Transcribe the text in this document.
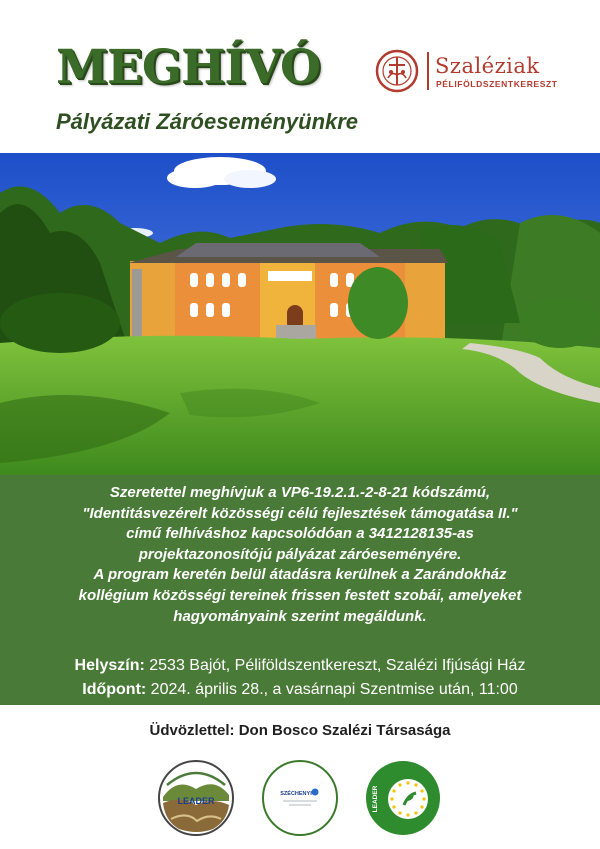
MEGHÍVÓ
Pályázati Záróeseményünkre
Szaléziak
PÉLIFÖLDSZENTKERESZT
Szeretettel meghívjuk a VP6-19.2.1.-2-8-21 kódszámú,
"Identitásvezérelt közösségi célú fejlesztések támogatása II."
című felhíváshoz kapcsolódóan a 3412128135-as
projektazonosítójú pályázat záróeseményére.
A program keretén belül átadásra kerülnek a Zarándokház
kollégium közösségi tereinek frissen festett szobái, amelyeket
hagyományaink szerint megáldunk.
Helyszín: 2533 Bajót, Péliföldszentkereszt, Szalézi Ifjúsági Ház
Időpont: 2024. április 28., a vasárnapi Szentmise után, 11:00
Üdvözlettel: Don Bosco Szalézi Társasága
LEADER
SZÉCHENYI	LEADER
